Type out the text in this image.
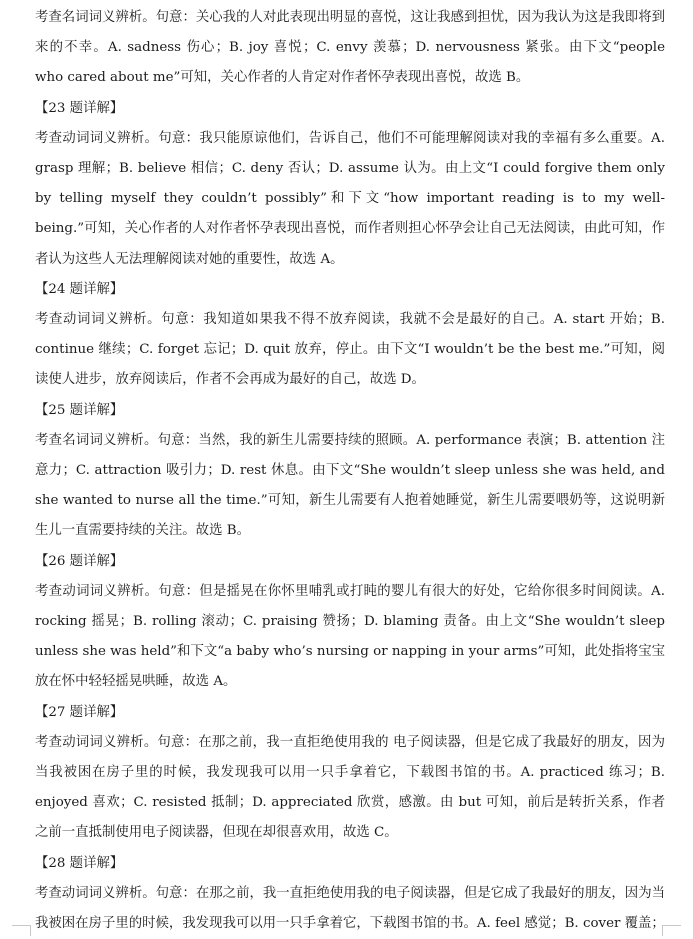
考查名词词义辨析。句意：关心我的人对此表现出明显的喜悦，这让我感到担忧，因为我认为这是我即将到来的不幸。A. sadness 伤心；B. joy 喜悦；C. envy 羡慕；D. nervousness 紧张。由下文“people who cared about me”可知，关心作者的人肯定对作者怀孕表现出喜悦，故选 B。

【23 题详解】

考查动词词义辨析。句意：我只能原谅他们，告诉自己，他们不可能理解阅读对我的幸福有多么重要。A. grasp 理解；B. believe 相信；C. deny 否认；D. assume 认为。由上文“I could forgive them only by telling myself they couldn’t possibly”和下文“how important reading is to my well-being.”可知，关心作者的人对作者怀孕表现出喜悦，而作者则担心怀孕会让自己无法阅读，由此可知，作者认为这些人无法理解阅读对她的重要性，故选 A。

【24 题详解】

考查动词词义辨析。句意：我知道如果我不得不放弃阅读，我就不会是最好的自己。A. start 开始；B. continue 继续；C. forget 忘记；D. quit 放弃，停止。由下文“I wouldn’t be the best me.”可知，阅读使人进步，放弃阅读后，作者不会再成为最好的自己，故选 D。

【25 题详解】

考查名词词义辨析。句意：当然，我的新生儿需要持续的照顾。A. performance 表演；B. attention 注意力；C. attraction 吸引力；D. rest 休息。由下文“She wouldn’t sleep unless she was held, and she wanted to nurse all the time.”可知，新生儿需要有人抱着她睡觉，新生儿需要喂奶等，这说明新生儿一直需要持续的关注。故选 B。

【26 题详解】

考查动词词义辨析。句意：但是摇晃在你怀里哺乳或打盹的婴儿有很大的好处，它给你很多时间阅读。A. rocking 摇晃；B. rolling 滚动；C. praising 赞扬；D. blaming 责备。由上文“She wouldn’t sleep unless she was held”和下文“a baby who’s nursing or napping in your arms”可知，此处指将宝宝放在怀中轻轻摇晃哄睡，故选 A。

【27 题详解】

考查动词词义辨析。句意：在那之前，我一直拒绝使用我的 电子阅读器，但是它成了我最好的朋友，因为当我被困在房子里的时候，我发现我可以用一只手拿着它，下载图书馆的书。A. practiced 练习；B. enjoyed 喜欢；C. resisted 抵制；D. appreciated 欣赏，感激。由 but 可知，前后是转折关系，作者之前一直抵制使用电子阅读器，但现在却很喜欢用，故选 C。

【28 题详解】

考查动词词义辨析。句意：在那之前，我一直拒绝使用我的电子阅读器，但是它成了我最好的朋友，因为当我被困在房子里的时候，我发现我可以用一只手拿着它，下载图书馆的书。A. feel 感觉；B. cover 覆盖；
